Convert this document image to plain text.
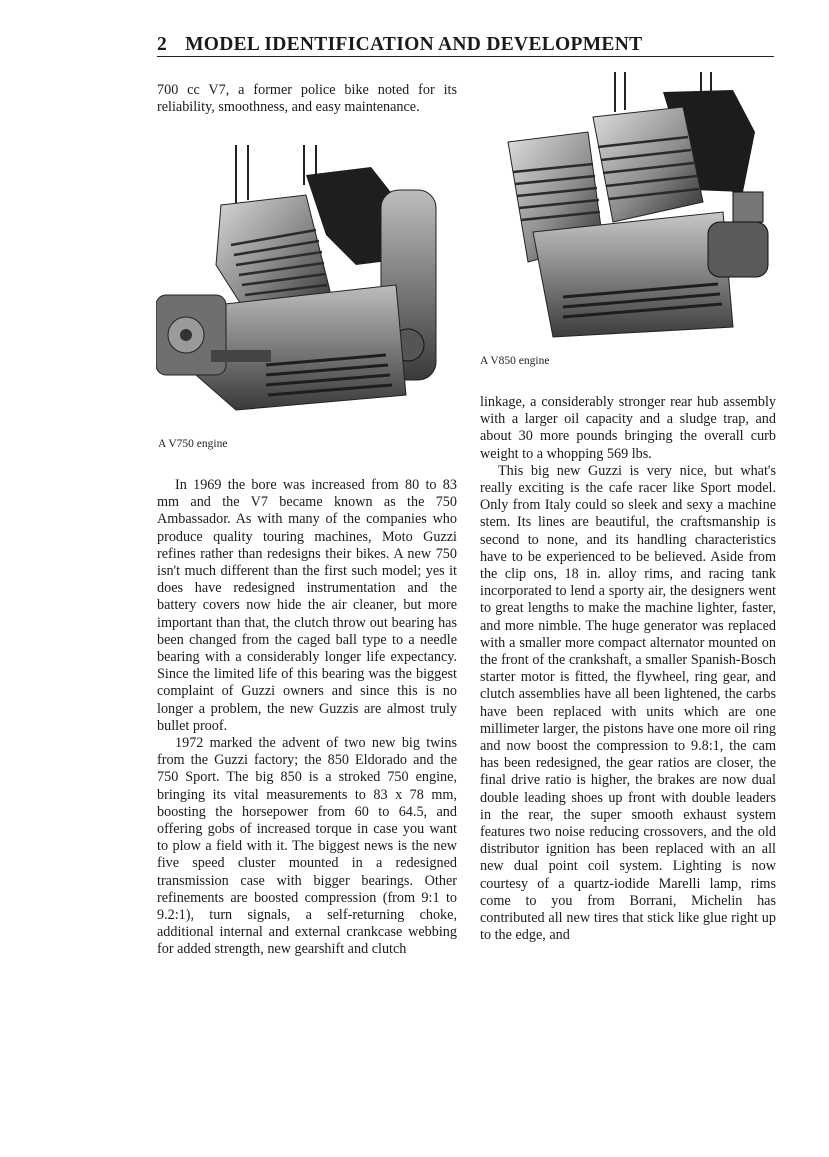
2 MODEL IDENTIFICATION AND DEVELOPMENT

700 cc V7, a former police bike noted for its reliability, smoothness, and easy maintenance.

A V750 engine

In 1969 the bore was increased from 80 to 83 mm and the V7 became known as the 750 Ambassador. As with many of the companies who produce quality touring machines, Moto Guzzi refines rather than redesigns their bikes. A new 750 isn't much different than the first such model; yes it does have redesigned instrumentation and the battery covers now hide the air cleaner, but more important than that, the clutch throw out bearing has been changed from the caged ball type to a needle bearing with a considerably longer life expectancy. Since the limited life of this bearing was the biggest complaint of Guzzi owners and since this is no longer a problem, the new Guzzis are almost truly bullet proof.

1972 marked the advent of two new big twins from the Guzzi factory; the 850 Eldorado and the 750 Sport. The big 850 is a stroked 750 engine, bringing its vital measurements to 83 x 78 mm, boosting the horsepower from 60 to 64.5, and offering gobs of increased torque in case you want to plow a field with it. The biggest news is the new five speed cluster mounted in a redesigned transmission case with bigger bearings. Other refinements are boosted compression (from 9:1 to 9.2:1), turn signals, a self-returning choke, additional internal and external crankcase webbing for added strength, new gearshift and clutch

A V850 engine

linkage, a considerably stronger rear hub assembly with a larger oil capacity and a sludge trap, and about 30 more pounds bringing the overall curb weight to a whopping 569 lbs.

This big new Guzzi is very nice, but what's really exciting is the cafe racer like Sport model. Only from Italy could so sleek and sexy a machine stem. Its lines are beautiful, the craftsmanship is second to none, and its handling characteristics have to be experienced to be believed. Aside from the clip ons, 18 in. alloy rims, and racing tank incorporated to lend a sporty air, the designers went to great lengths to make the machine lighter, faster, and more nimble. The huge generator was replaced with a smaller more compact alternator mounted on the front of the crankshaft, a smaller Spanish-Bosch starter motor is fitted, the flywheel, ring gear, and clutch assemblies have all been lightened, the carbs have been replaced with units which are one millimeter larger, the pistons have one more oil ring and now boost the compression to 9.8:1, the cam has been redesigned, the gear ratios are closer, the final drive ratio is higher, the brakes are now dual double leading shoes up front with double leaders in the rear, the super smooth exhaust system features two noise reducing crossovers, and the old distributor ignition has been replaced with an all new dual point coil system. Lighting is now courtesy of a quartz-iodide Marelli lamp, rims come to you from Borrani, Michelin has contributed all new tires that stick like glue right up to the edge, and
